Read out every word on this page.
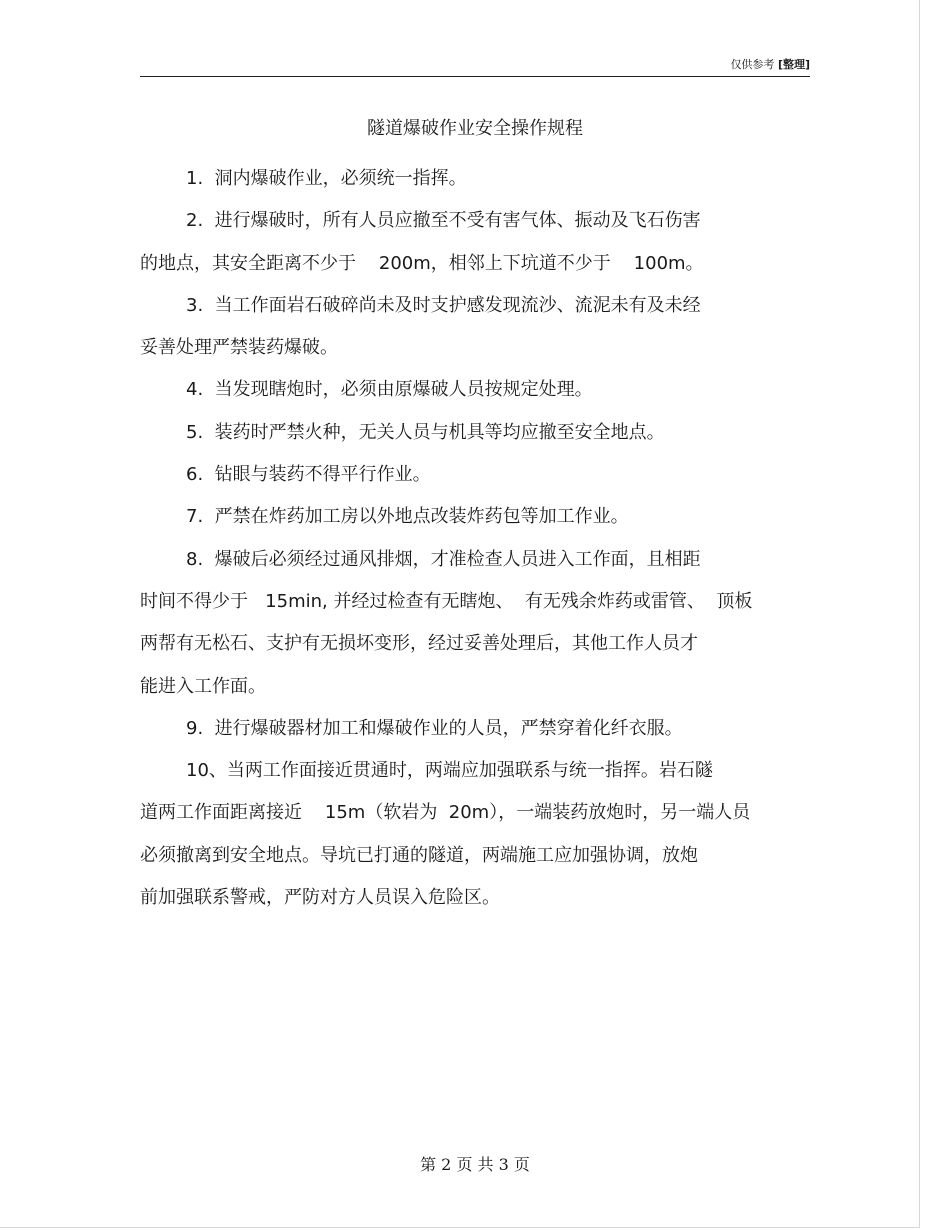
仅供参考 [整理]
隧道爆破作业安全操作规程
1.  洞内爆破作业，必须统一指挥。
2.  进行爆破时，所有人员应撤至不受有害气体、振动及飞石伤害
的地点，其安全距离不少于    200m，相邻上下坑道不少于    100m。
3.  当工作面岩石破碎尚未及时支护感发现流沙、流泥未有及未经
妥善处理严禁装药爆破。
4.  当发现瞎炮时，必须由原爆破人员按规定处理。
5.  装药时严禁火种，无关人员与机具等均应撤至安全地点。
6.  钻眼与装药不得平行作业。
7.  严禁在炸药加工房以外地点改装炸药包等加工作业。
8.  爆破后必须经过通风排烟，才准检查人员进入工作面，且相距
时间不得少于   15min, 并经过检查有无瞎炮、  有无残余炸药或雷管、  顶板
两帮有无松石、支护有无损坏变形，经过妥善处理后，其他工作人员才
能进入工作面。
9.  进行爆破器材加工和爆破作业的人员，严禁穿着化纤衣服。
10、当两工作面接近贯通时，两端应加强联系与统一指挥。岩石隧
道两工作面距离接近    15m（软岩为  20m），一端装药放炮时，另一端人员
必须撤离到安全地点。导坑已打通的隧道，两端施工应加强协调，放炮
前加强联系警戒，严防对方人员误入危险区。
第 2 页 共 3 页
